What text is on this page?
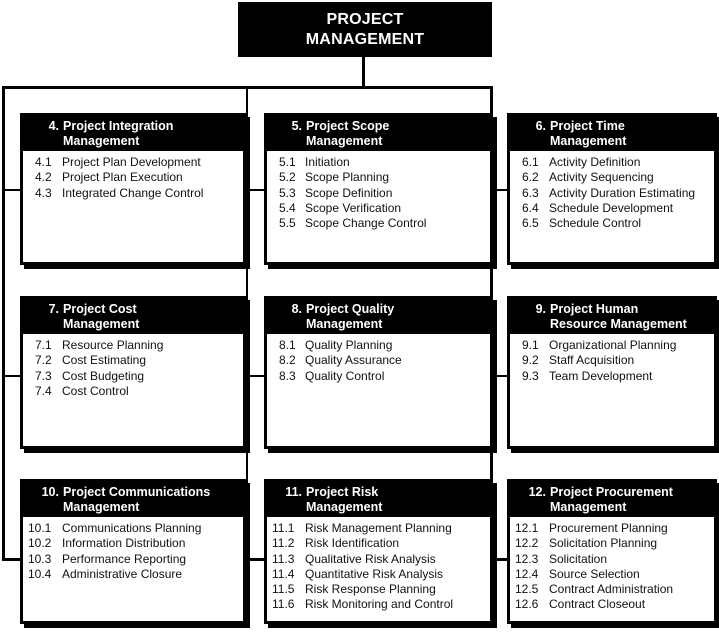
PROJECT
MANAGEMENT
4. Project Integration
Management
4.1 Project Plan Development
4.2 Project Plan Execution
4.3 Integrated Change Control
5. Project Scope
Management
5.1 Initiation
5.2 Scope Planning
5.3 Scope Definition
5.4 Scope Verification
5.5 Scope Change Control
6. Project Time
Management
6.1 Activity Definition
6.2 Activity Sequencing
6.3 Activity Duration Estimating
6.4 Schedule Development
6.5 Schedule Control
7. Project Cost
Management
7.1 Resource Planning
7.2 Cost Estimating
7.3 Cost Budgeting
7.4 Cost Control
8. Project Quality
Management
8.1 Quality Planning
8.2 Quality Assurance
8.3 Quality Control
9. Project Human
Resource Management
9.1 Organizational Planning
9.2 Staff Acquisition
9.3 Team Development
10. Project Communications
Management
10.1 Communications Planning
10.2 Information Distribution
10.3 Performance Reporting
10.4 Administrative Closure
11. Project Risk
Management
11.1 Risk Management Planning
11.2 Risk Identification
11.3 Qualitative Risk Analysis
11.4 Quantitative Risk Analysis
11.5 Risk Response Planning
11.6 Risk Monitoring and Control
12. Project Procurement
Management
12.1 Procurement Planning
12.2 Solicitation Planning
12.3 Solicitation
12.4 Source Selection
12.5 Contract Administration
12.6 Contract Closeout
